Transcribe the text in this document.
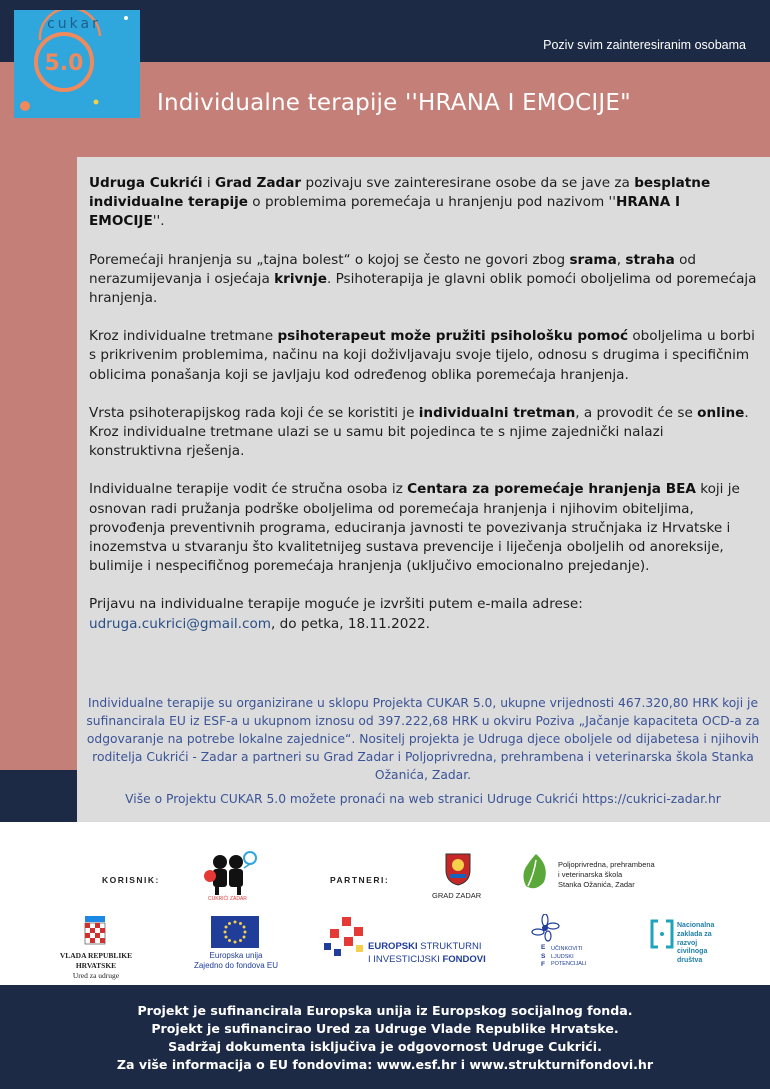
5.0
cukar
Poziv svim zainteresiranim osobama
Individualne terapije ''HRANA I EMOCIJE"

Udruga Cukrići i Grad Zadar pozivaju sve zainteresirane osobe da se jave za besplatne individualne terapije o problemima poremećaja u hranjenju pod nazivom ''HRANA I EMOCIJE''.

Poremećaji hranjenja su „tajna bolest“ o kojoj se često ne govori zbog srama, straha od nerazumijevanja i osjećaja krivnje. Psihoterapija je glavni oblik pomoći oboljelima od poremećaja hranjenja.

Kroz individualne tretmane psihoterapeut može pružiti psihološku pomoć oboljelima u borbi s prikrivenim problemima, načinu na koji doživljavaju svoje tijelo, odnosu s drugima i specifičnim oblicima ponašanja koji se javljaju kod određenog oblika poremećaja hranjenja.

Vrsta psihoterapijskog rada koji će se koristiti je individualni tretman, a provodit će se online. Kroz individualne tretmane ulazi se u samu bit pojedinca te s njime zajednički nalazi konstruktivna rješenja.

Individualne terapije vodit će stručna osoba iz Centara za poremećaje hranjenja BEA koji je osnovan radi pružanja podrške oboljelima od poremećaja hranjenja i njihovim obiteljima, provođenja preventivnih programa, educiranja javnosti te povezivanja stručnjaka iz Hrvatske i inozemstva u stvaranju što kvalitetnijeg sustava prevencije i liječenja oboljelih od anoreksije, bulimije i nespecifičnog poremećaja hranjenja (uključivo emocionalno prejedanje).

Prijavu na individualne terapije moguće je izvršiti putem e-maila adrese: udruga.cukrici@gmail.com, do petka, 18.11.2022.

Individualne terapije su organizirane u sklopu Projekta CUKAR 5.0, ukupne vrijednosti 467.320,80 HRK koji je sufinancirala EU iz ESF-a u ukupnom iznosu od 397.222,68 HRK u okviru Poziva „Jačanje kapaciteta OCD-a za odgovaranje na potrebe lokalne zajednice“. Nositelj projekta je Udruga djece oboljele od dijabetesa i njihovih roditelja Cukrići - Zadar a partneri su Grad Zadar i Poljoprivredna, prehrambena i veterinarska škola Stanka Ožanića, Zadar.
Više o Projektu CUKAR 5.0 možete pronaći na web stranici Udruge Cukrići https://cukrici-zadar.hr
KORISNIK:
CUKRIĆI ZADAR
PARTNERI:
GRAD ZADAR
Poljoprivredna, prehrambena
i veterinarska škola
Stanka Ožanića, Zadar
VLADA REPUBLIKE HRVATSKE
Ured za udruge
Europska unija
Zajedno do fondova EU
EUROPSKI STRUKTURNI
I INVESTICIJSKI FONDOVI
E
S
F
UČINKOVITI
LJUDSKI
POTENCIJALI
Nacionalna
zaklada za
razvoj
civilnoga
društva
Projekt je sufinancirala Europska unija iz Europskog socijalnog fonda.
Projekt je sufinancirao Ured za Udruge Vlade Republike Hrvatske.
Sadržaj dokumenta isključiva je odgovornost Udruge Cukrići.
Za više informacija o EU fondovima: www.esf.hr i www.strukturnifondovi.hr
